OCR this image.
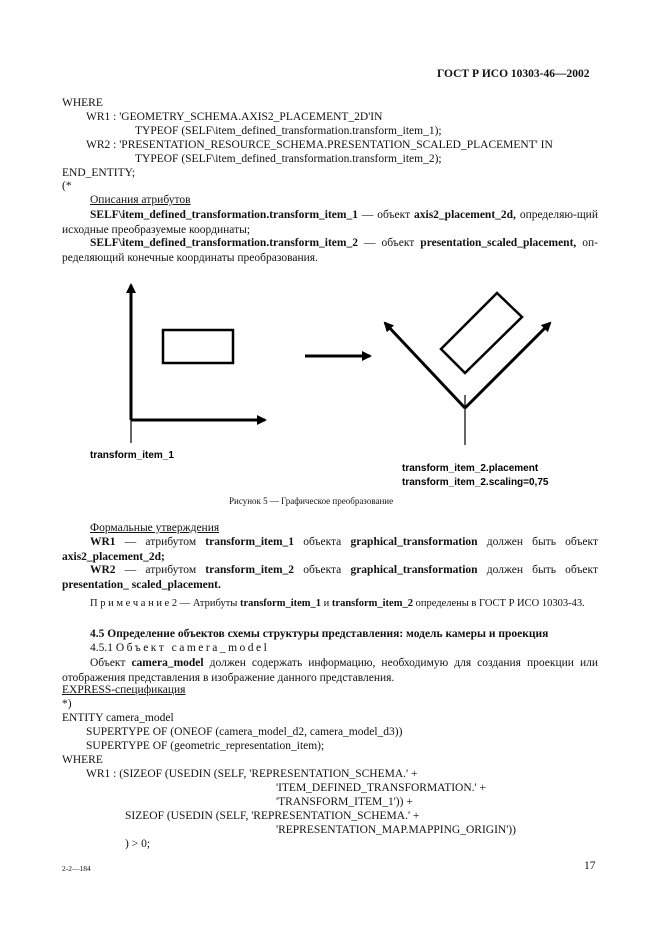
ГОСТ Р ИСО 10303-46—2002
WHERE
WR1 : 'GEOMETRY_SCHEMA.AXIS2_PLACEMENT_2D'IN
TYPEOF (SELF\item_defined_transformation.transform_item_1);
WR2 : 'PRESENTATION_RESOURCE_SCHEMA.PRESENTATION_SCALED_PLACEMENT' IN
TYPEOF (SELF\item_defined_transformation.transform_item_2);
END_ENTITY;
(*
Описания атрибутов
SELF\item_defined_transformation.transform_item_1 — объект axis2_placement_2d, определяю-щий исходные преобразуемые координаты;
SELF\item_defined_transformation.transform_item_2 — объект presentation_scaled_placement, оп-ределяющий конечные координаты преобразования.
transform_item_1
transform_item_2.placement
transform_item_2.scaling=0,75
Рисунок 5 — Графическое преобразование
Формальные утверждения
WR1 — атрибутом transform_item_1 объекта graphical_transformation должен быть объект axis2_placement_2d;
WR2 — атрибутом transform_item_2 объекта graphical_transformation должен быть объект presentation_ scaled_placement.
П р и м е ч а н и е 2 — Атрибуты transform_item_1 и transform_item_2 определены в ГОСТ Р ИСО 10303-43.
4.5 Определение объектов схемы структуры представления: модель камеры и проекция
4.5.1 Объект camera_model
Объект camera_model должен содержать информацию, необходимую для создания проекции или отображения представления в изображение данного представления.
EXPRESS-спецификация
*)
ENTITY camera_model
SUPERTYPE OF (ONEOF (camera_model_d2, camera_model_d3))
SUPERTYPE OF (geometric_representation_item);
WHERE
WR1 : (SIZEOF (USEDIN (SELF, 'REPRESENTATION_SCHEMA.' +
'ITEM_DEFINED_TRANSFORMATION.' +
'TRANSFORM_ITEM_1')) +
SIZEOF (USEDIN (SELF, 'REPRESENTATION_SCHEMA.' +
'REPRESENTATION_MAP.MAPPING_ORIGIN'))
) > 0;
2-2—184	17
